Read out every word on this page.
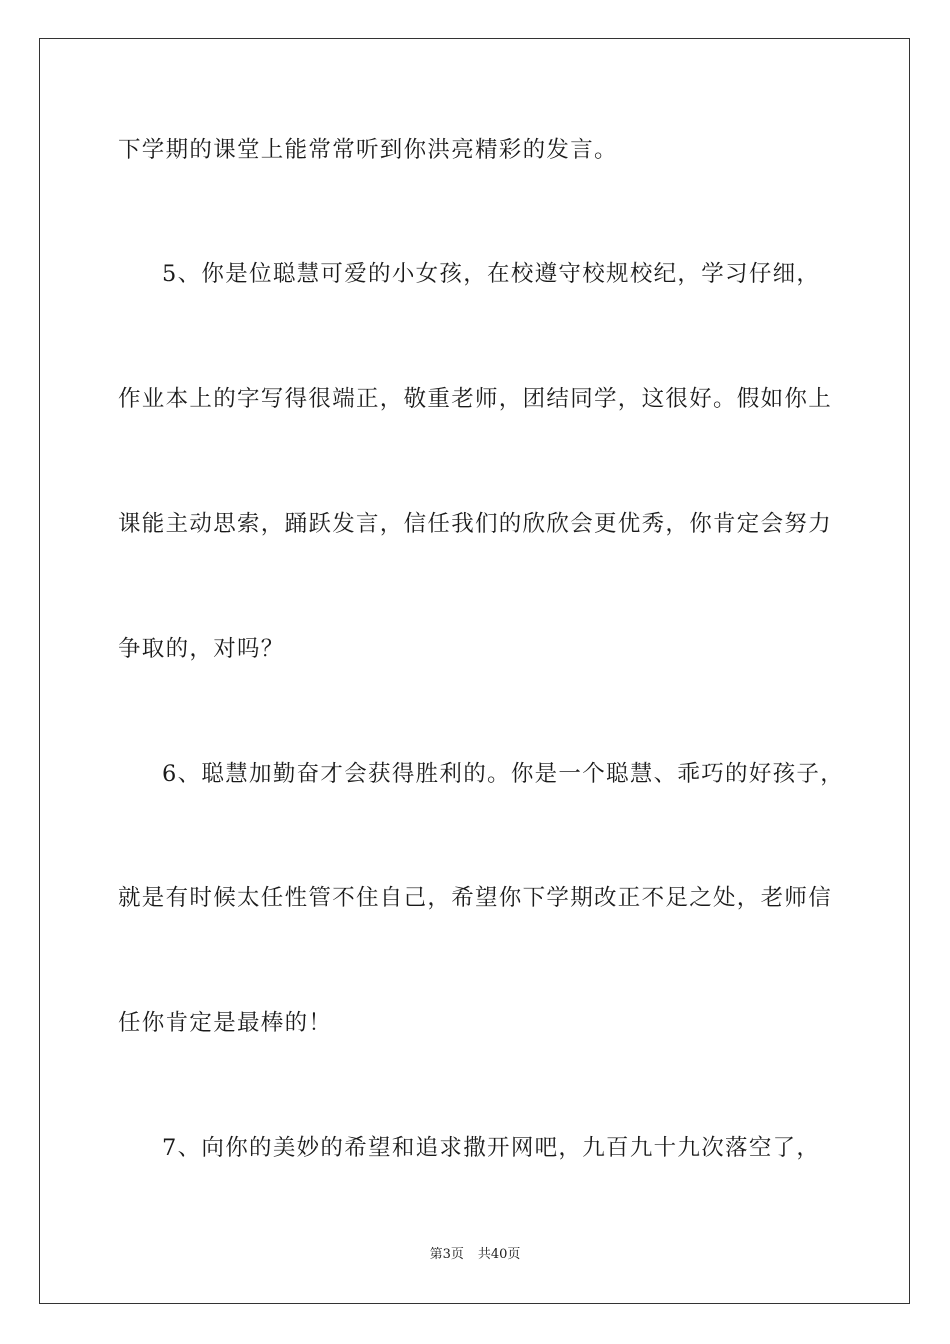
下学期的课堂上能常常听到你洪亮精彩的发言。
5、你是位聪慧可爱的小女孩，在校遵守校规校纪，学习仔细，
作业本上的字写得很端正，敬重老师，团结同学，这很好。假如你上
课能主动思索，踊跃发言，信任我们的欣欣会更优秀，你肯定会努力
争取的，对吗？
6、聪慧加勤奋才会获得胜利的。你是一个聪慧、乖巧的好孩子，
就是有时候太任性管不住自己，希望你下学期改正不足之处，老师信
任你肯定是最棒的！
7、向你的美妙的希望和追求撒开网吧，九百九十九次落空了，
第3页 共40页
